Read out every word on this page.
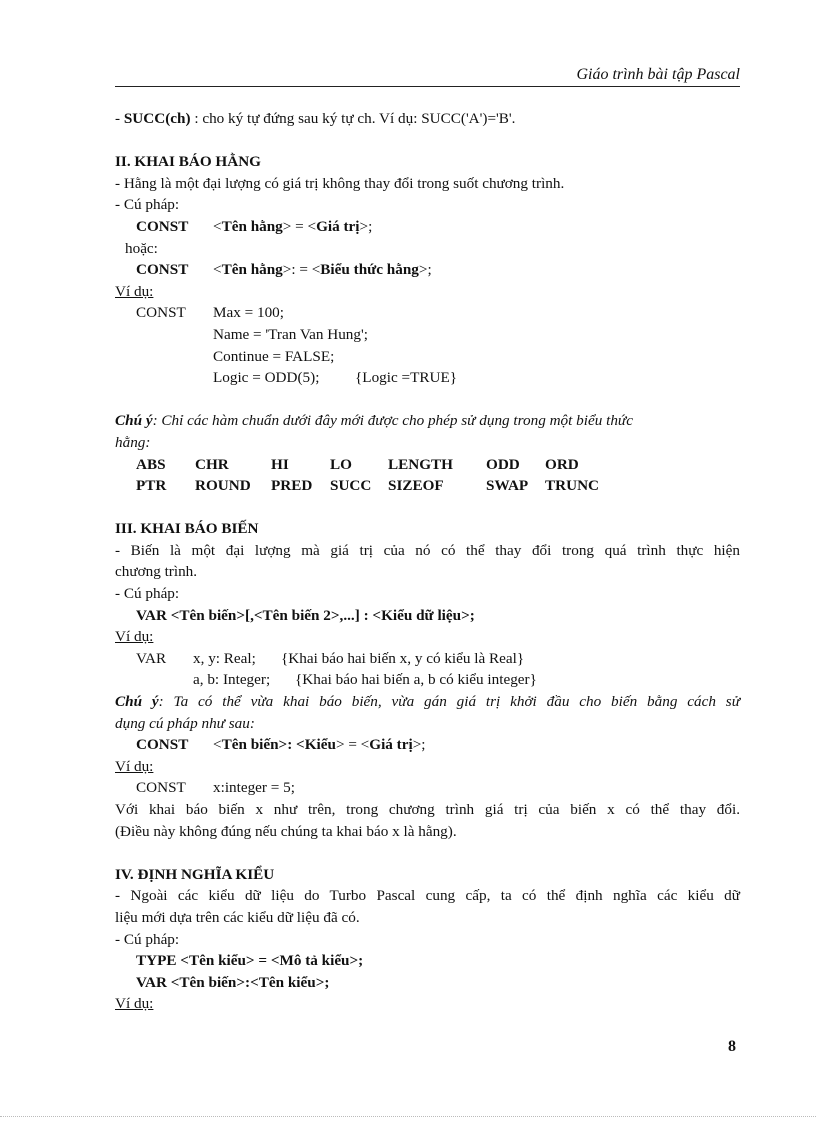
Giáo trình bài tập Pascal
- SUCC(ch) : cho ký tự đứng sau ký tự ch. Ví dụ: SUCC('A')='B'.
II. KHAI BÁO HẰNG
- Hằng là một đại lượng có giá trị không thay đổi trong suốt chương trình.
- Cú pháp:
CONST <Tên hằng> = <Giá trị>;
hoặc:
CONST <Tên hằng>: = <Biểu thức hằng>;
Ví dụ:
CONST Max = 100;
Name = 'Tran Van Hung';
Continue = FALSE;
Logic = ODD(5); {Logic =TRUE}
Chú ý: Chỉ các hàm chuẩn dưới đây mới được cho phép sử dụng trong một biểu thức
hằng:
ABS CHR	HI	LO LENGTH ODD ORD
PTR ROUND PRED SUCC SIZEOF	SWAP TRUNC
III. KHAI BÁO BIẾN
- Biến là một đại lượng mà giá trị của nó có thể thay đổi trong quá trình thực hiện
chương trình.
- Cú pháp:
VAR <Tên biến>[,<Tên biến 2>,...] : <Kiểu dữ liệu>;
Ví dụ:
VAR x, y: Real; {Khai báo hai biến x, y có kiểu là Real}
a, b: Integer; {Khai báo hai biến a, b có kiểu integer}
Chú ý: Ta có thể vừa khai báo biến, vừa gán giá trị khởi đầu cho biến bằng cách sử
dụng cú pháp như sau:
CONST <Tên biến>: <Kiểu> = <Giá trị>;
Ví dụ:
CONST x:integer = 5;
Với khai báo biến x như trên, trong chương trình giá trị của biến x có thể thay đổi.
(Điều này không đúng nếu chúng ta khai báo x là hằng).
IV. ĐỊNH NGHĨA KIỂU
- Ngoài các kiểu dữ liệu do Turbo Pascal cung cấp, ta có thể định nghĩa các kiểu dữ
liệu mới dựa trên các kiểu dữ liệu đã có.
- Cú pháp:
TYPE <Tên kiểu> = <Mô tả kiểu>;
VAR <Tên biến>:<Tên kiểu>;
Ví dụ:
8
